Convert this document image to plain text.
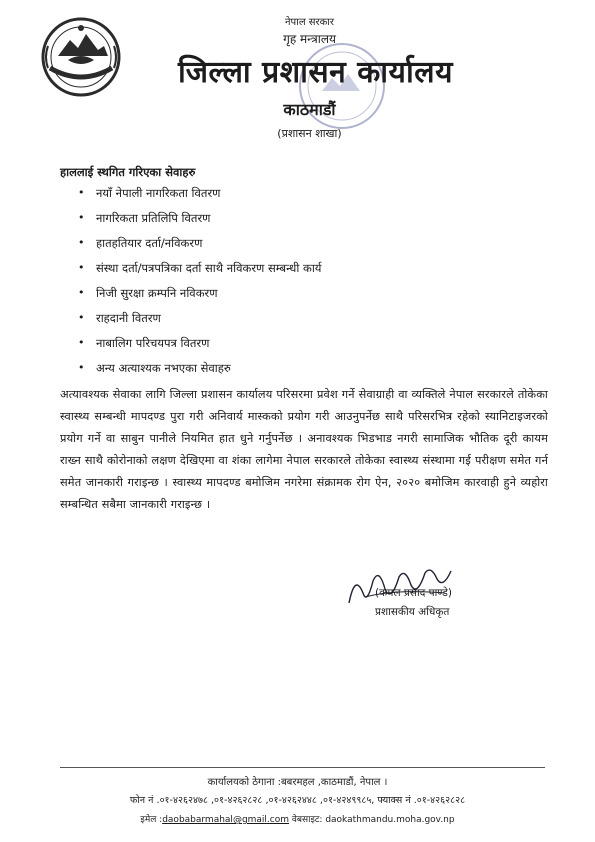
नेपाल सरकार
गृह मन्त्रालय
जिल्ला प्रशासन कार्यालय
काठमाडौं
(प्रशासन शाखा)
हाललाई स्थगित गरिएका सेवाहरु
• नयाँ नेपाली नागरिकता वितरण
• नागरिकता प्रतिलिपि वितरण
• हातहतियार दर्ता/नविकरण
• संस्था दर्ता/पत्रपत्रिका दर्ता साथै नविकरण सम्बन्धी कार्य
• निजी सुरक्षा क्रम्पनि नविकरण
• राहदानी वितरण
• नाबालिग परिचयपत्र वितरण
• अन्य अत्याश्यक नभएका सेवाहरु
अत्यावश्यक सेवाका लागि जिल्ला प्रशासन कार्यालय परिसरमा प्रवेश गर्ने सेवाग्राही वा व्यक्तिले नेपाल सरकारले तोकेका स्वास्थ्य सम्बन्धी मापदण्ड पुरा गरी अनिवार्य मास्कको प्रयोग गरी आउनुपर्नेछ साथै परिसरभित्र रहेको स्यानिटाइजरको प्रयोग गर्ने वा साबुन पानीले नियमित हात धुने गर्नुपर्नेछ । अनावश्यक भिडभाड नगरी सामाजिक भौतिक दूरी कायम राख्न साथै कोरोनाको लक्षण देखिएमा वा शंका लागेमा नेपाल सरकारले तोकेका स्वास्थ्य संस्थामा गई परीक्षण समेत गर्न समेत जानकारी गराइन्छ । स्वास्थ्य मापदण्ड बमोजिम नगरेमा संक्रामक रोग ऐन, २०२० बमोजिम कारवाही हुने व्यहोरा सम्बन्धित सबैमा जानकारी गराइन्छ ।
(कमल प्रसाद पाण्डे)
प्रशासकीय अधिकृत
कार्यालयको ठेगाना :बबरमहल ,काठमाडौं, नेपाल ।
फोन नं .०१-४२६२४७८ ,०१-४२६२८२८ ,०१-४२६२४४८ ,०१-४२४९९८५, फ्याक्स नं .०१-४२६२८२८
इमेल :daobabarmahal@gmail.com वेबसाइट: daokathmandu.moha.gov.np
